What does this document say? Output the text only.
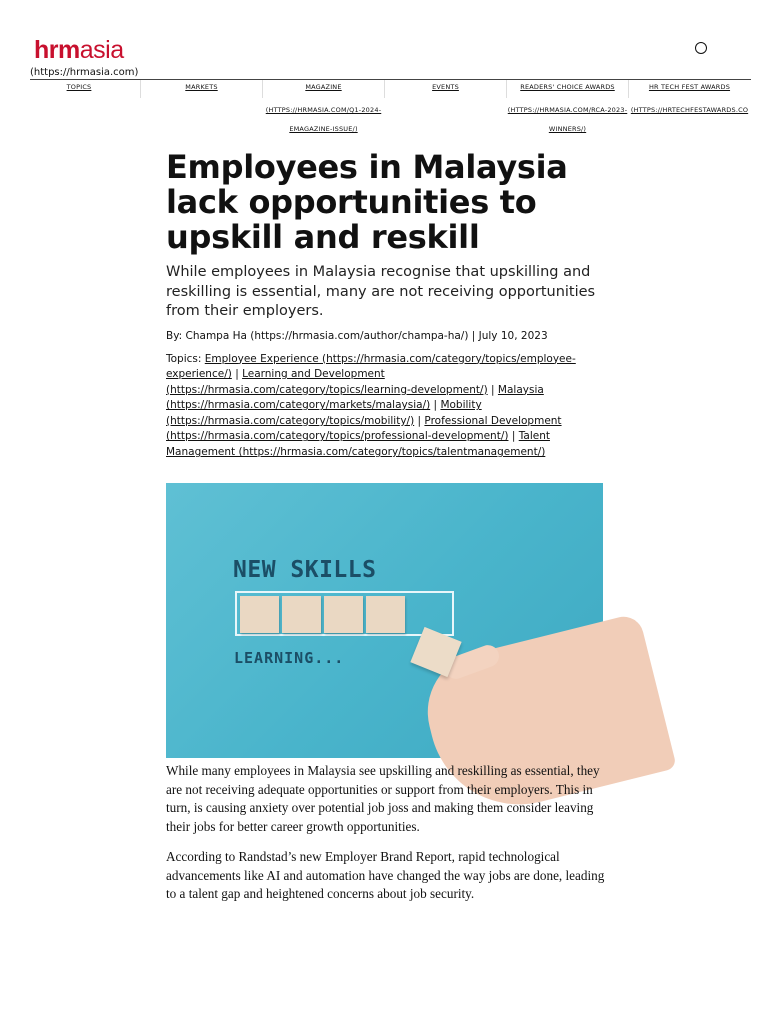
hrmasia
(https://hrmasia.com)
TOPICS	MARKETS	MAGAZINE
(HTTPS://HRMASIA.COM/Q1-2024-EMAGAZINE-ISSUE/)
EVENTS	READERS' CHOICE AWARDS
(HTTPS://HRMASIA.COM/RCA-2023-WINNERS/)
HR TECH FEST AWARDS
(HTTPS://HRTECHFESTAWARDS.CO
Employees in Malaysia lack opportunities to upskill and reskill

While employees in Malaysia recognise that upskilling and reskilling is essential, many are not receiving opportunities from their employers.

By: Champa Ha (https://hrmasia.com/author/champa-ha/) | July 10, 2023
Topics: Employee Experience (https://hrmasia.com/category/topics/employee-experience/) | Learning and Development (https://hrmasia.com/category/topics/learning-development/) | Malaysia (https://hrmasia.com/category/markets/malaysia/) | Mobility (https://hrmasia.com/category/topics/mobility/) | Professional Development (https://hrmasia.com/category/topics/professional-development/) | Talent Management (https://hrmasia.com/category/topics/talentmanagement/)
NEW SKILLS
LEARNING...

While many employees in Malaysia see upskilling and reskilling as essential, they are not receiving adequate opportunities or support from their employers. This in turn, is causing anxiety over potential job joss and making them consider leaving their jobs for better career growth opportunities.

According to Randstad’s new Employer Brand Report, rapid technological advancements like AI and automation have changed the way jobs are done, leading to a talent gap and heightened concerns about job security.
